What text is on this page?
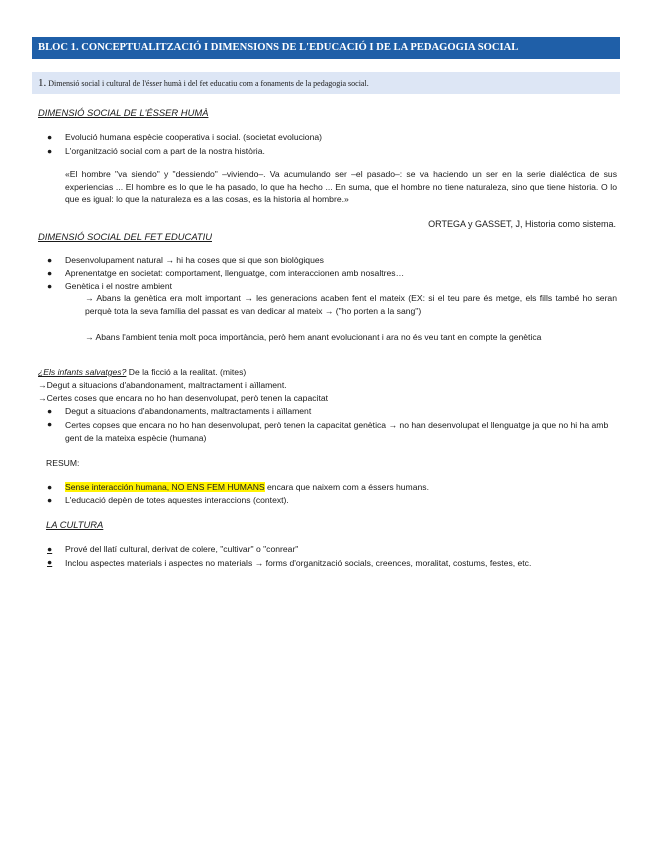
BLOC 1. CONCEPTUALITZACIÓ I DIMENSIONS DE L'EDUCACIÓ I DE LA PEDAGOGIA SOCIAL
1. Dimensió social i cultural de l'ésser humà i del fet educatiu com a fonaments de la pedagogia social.
DIMENSIÓ SOCIAL DE L'ÉSSER HUMÀ
● Evolució humana espècie cooperativa i social. (societat evoluciona)
● L'organització social com a part de la nostra història.
«El hombre "va siendo" y "dessiendo" –viviendo–. Va acumulando ser –el pasado–: se va haciendo un ser en la serie dialéctica de sus experiencias ... El hombre es lo que le ha pasado, lo que ha hecho ... En suma, que el hombre no tiene naturaleza, sino que tiene historia. O lo que es igual: lo que la naturaleza es a las cosas, es la historia al hombre.»
ORTEGA y GASSET, J, Historia como sistema.
DIMENSIÓ SOCIAL DEL FET EDUCATIU
● Desenvolupament natural → hi ha coses que si que son biològiques
● Aprenentatge en societat: comportament, llenguatge, com interaccionen amb nosaltres…
● Genètica i el nostre ambient
→ Abans la genètica era molt important → les generacions acaben fent el mateix (EX: si el teu pare és metge, els fills també ho seran perquè tota la seva família del passat es van dedicar al mateix → ("ho porten a la sang")
→ Abans l'ambient tenia molt poca importància, però hem anant evolucionant i ara no és veu tant en compte la genètica
¿Els infants salvatges? De la ficció a la realitat. (mites)
→Degut a situacions d'abandonament, maltractament i aïllament.
→Certes coses que encara no ho han desenvolupat, però tenen la capacitat
● Degut a situacions d'abandonaments, maltractaments i aïllament
● Certes copses que encara no ho han desenvolupat, però tenen la capacitat genètica → no han desenvolupat el llenguatge ja que no hi ha amb gent de la mateixa espècie (humana)
RESUM:
● Sense interacción humana, NO ENS FEM HUMANS encara que naixem com a éssers humans.
● L'educació depèn de totes aquestes interaccions (context).
LA CULTURA
● Prové del llatí cultural, derivat de colere, "cultivar" o "conrear"
● Inclou aspectes materials i aspectes no materials → forms d'organització socials, creences, moralitat, costums, festes, etc.
